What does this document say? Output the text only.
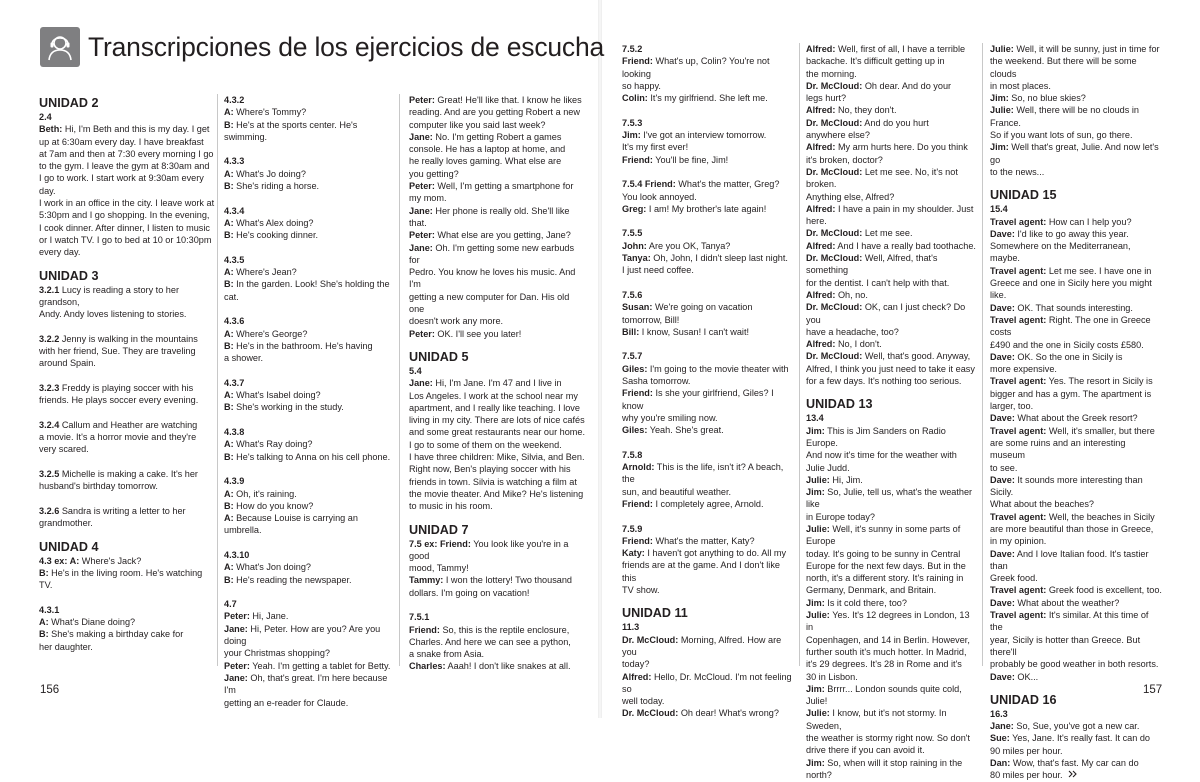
Transcripciones de los ejercicios de escucha
UNIDAD 2
2.4
Beth: Hi, I'm Beth and this is my day. I get
up at 6:30am every day. I have breakfast
at 7am and then at 7:30 every morning I go
to the gym. I leave the gym at 8:30am and
I go to work. I start work at 9:30am every day.
I work in an office in the city. I leave work at
5:30pm and I go shopping. In the evening,
I cook dinner. After dinner, I listen to music
or I watch TV. I go to bed at 10 or 10:30pm
every day.
UNIDAD 3
3.2.1 Lucy is reading a story to her grandson,
Andy. Andy loves listening to stories.
3.2.2 Jenny is walking in the mountains
with her friend, Sue. They are traveling
around Spain.
3.2.3 Freddy is playing soccer with his
friends. He plays soccer every evening.
3.2.4 Callum and Heather are watching
a movie. It's a horror movie and they're
very scared.
3.2.5 Michelle is making a cake. It's her
husband's birthday tomorrow.
3.2.6 Sandra is writing a letter to her
grandmother.
UNIDAD 4
4.3 ex: A: Where's Jack?
B: He's in the living room. He's watching TV.
4.3.1
A: What's Diane doing?
B: She's making a birthday cake for
her daughter.
4.3.2
A: Where's Tommy?
B: He's at the sports center. He's swimming.
4.3.3
A: What's Jo doing?
B: She's riding a horse.
4.3.4
A: What's Alex doing?
B: He's cooking dinner.
4.3.5
A: Where's Jean?
B: In the garden. Look! She's holding the cat.
4.3.6
A: Where's George?
B: He's in the bathroom. He's having
a shower.
4.3.7
A: What's Isabel doing?
B: She's working in the study.
4.3.8
A: What's Ray doing?
B: He's talking to Anna on his cell phone.
4.3.9
A: Oh, it's raining.
B: How do you know?
A: Because Louise is carrying an umbrella.
4.3.10
A: What's Jon doing?
B: He's reading the newspaper.
4.7
Peter: Hi, Jane.
Jane: Hi, Peter. How are you? Are you doing
your Christmas shopping?
Peter: Yeah. I'm getting a tablet for Betty.
Jane: Oh, that's great. I'm here because I'm
getting an e-reader for Claude.
Peter: Great! He'll like that. I know he likes
reading. And are you getting Robert a new
computer like you said last week?
Jane: No. I'm getting Robert a games
console. He has a laptop at home, and
he really loves gaming. What else are
you getting?
Peter: Well, I'm getting a smartphone for
my mom.
Jane: Her phone is really old. She'll like that.
Peter: What else are you getting, Jane?
Jane: Oh. I'm getting some new earbuds for
Pedro. You know he loves his music. And I'm
getting a new computer for Dan. His old one
doesn't work any more.
Peter: OK. I'll see you later!
UNIDAD 5
5.4
Jane: Hi, I'm Jane. I'm 47 and I live in
Los Angeles. I work at the school near my
apartment, and I really like teaching. I love
living in my city. There are lots of nice cafés
and some great restaurants near our home.
I go to some of them on the weekend.
I have three children: Mike, Silvia, and Ben.
Right now, Ben's playing soccer with his
friends in town. Silvia is watching a film at
the movie theater. And Mike? He's listening
to music in his room.
UNIDAD 7
7.5 ex: Friend: You look like you're in a good
mood, Tammy!
Tammy: I won the lottery! Two thousand
dollars. I'm going on vacation!
7.5.1
Friend: So, this is the reptile enclosure,
Charles. And here we can see a python,
a snake from Asia.
Charles: Aaah! I don't like snakes at all.
7.5.2
Friend: What's up, Colin? You're not looking
so happy.
Colin: It's my girlfriend. She left me.
7.5.3
Jim: I've got an interview tomorrow.
It's my first ever!
Friend: You'll be fine, Jim!
7.5.4 Friend: What's the matter, Greg?
You look annoyed.
Greg: I am! My brother's late again!
7.5.5
John: Are you OK, Tanya?
Tanya: Oh, John, I didn't sleep last night.
I just need coffee.
7.5.6
Susan: We're going on vacation
tomorrow, Bill!
Bill: I know, Susan! I can't wait!
7.5.7
Giles: I'm going to the movie theater with
Sasha tomorrow.
Friend: Is she your girlfriend, Giles? I know
why you're smiling now.
Giles: Yeah. She's great.
7.5.8
Arnold: This is the life, isn't it? A beach, the
sun, and beautiful weather.
Friend: I completely agree, Arnold.
7.5.9
Friend: What's the matter, Katy?
Katy: I haven't got anything to do. All my
friends are at the game. And I don't like this
TV show.
UNIDAD 11
11.3
Dr. McCloud: Morning, Alfred. How are you
today?
Alfred: Hello, Dr. McCloud. I'm not feeling so
well today.
Dr. McCloud: Oh dear! What's wrong?
Alfred: Well, first of all, I have a terrible
backache. It's difficult getting up in
the morning.
Dr. McCloud: Oh dear. And do your
legs hurt?
Alfred: No, they don't.
Dr. McCloud: And do you hurt
anywhere else?
Alfred: My arm hurts here. Do you think
it's broken, doctor?
Dr. McCloud: Let me see. No, it's not broken.
Anything else, Alfred?
Alfred: I have a pain in my shoulder. Just here.
Dr. McCloud: Let me see.
Alfred: And I have a really bad toothache.
Dr. McCloud: Well, Alfred, that's something
for the dentist. I can't help with that.
Alfred: Oh, no.
Dr. McCloud: OK, can I just check? Do you
have a headache, too?
Alfred: No, I don't.
Dr. McCloud: Well, that's good. Anyway,
Alfred, I think you just need to take it easy
for a few days. It's nothing too serious.
UNIDAD 13
13.4
Jim: This is Jim Sanders on Radio Europe.
And now it's time for the weather with
Julie Judd.
Julie: Hi, Jim.
Jim: So, Julie, tell us, what's the weather like
in Europe today?
Julie: Well, it's sunny in some parts of Europe
today. It's going to be sunny in Central
Europe for the next few days. But in the
north, it's a different story. It's raining in
Germany, Denmark, and Britain.
Jim: Is it cold there, too?
Julie: Yes. It's 12 degrees in London, 13 in
Copenhagen, and 14 in Berlin. However,
further south it's much hotter. In Madrid,
it's 29 degrees. It's 28 in Rome and it's
30 in Lisbon.
Jim: Brrrr... London sounds quite cold, Julie!
Julie: I know, but it's not stormy. In Sweden,
the weather is stormy right now. So don't
drive there if you can avoid it.
Jim: So, when will it stop raining in the north?
Julie: Well, it will be sunny, just in time for
the weekend. But there will be some clouds
in most places.
Jim: So, no blue skies?
Julie: Well, there will be no clouds in France.
So if you want lots of sun, go there.
Jim: Well that's great, Julie. And now let's go
to the news...
UNIDAD 15
15.4
Travel agent: How can I help you?
Dave: I'd like to go away this year.
Somewhere on the Mediterranean, maybe.
Travel agent: Let me see. I have one in
Greece and one in Sicily here you might like.
Dave: OK. That sounds interesting.
Travel agent: Right. The one in Greece costs
£490 and the one in Sicily costs £580.
Dave: OK. So the one in Sicily is
more expensive.
Travel agent: Yes. The resort in Sicily is
bigger and has a gym. The apartment is
larger, too.
Dave: What about the Greek resort?
Travel agent: Well, it's smaller, but there
are some ruins and an interesting museum
to see.
Dave: It sounds more interesting than Sicily.
What about the beaches?
Travel agent: Well, the beaches in Sicily
are more beautiful than those in Greece,
in my opinion.
Dave: And I love Italian food. It's tastier than
Greek food.
Travel agent: Greek food is excellent, too.
Dave: What about the weather?
Travel agent: It's similar. At this time of the
year, Sicily is hotter than Greece. But there'll
probably be good weather in both resorts.
Dave: OK...
UNIDAD 16
16.3
Jane: So, Sue, you've got a new car.
Sue: Yes, Jane. It's really fast. It can do
90 miles per hour.
Dan: Wow, that's fast. My car can do
80 miles per hour.
156	157
